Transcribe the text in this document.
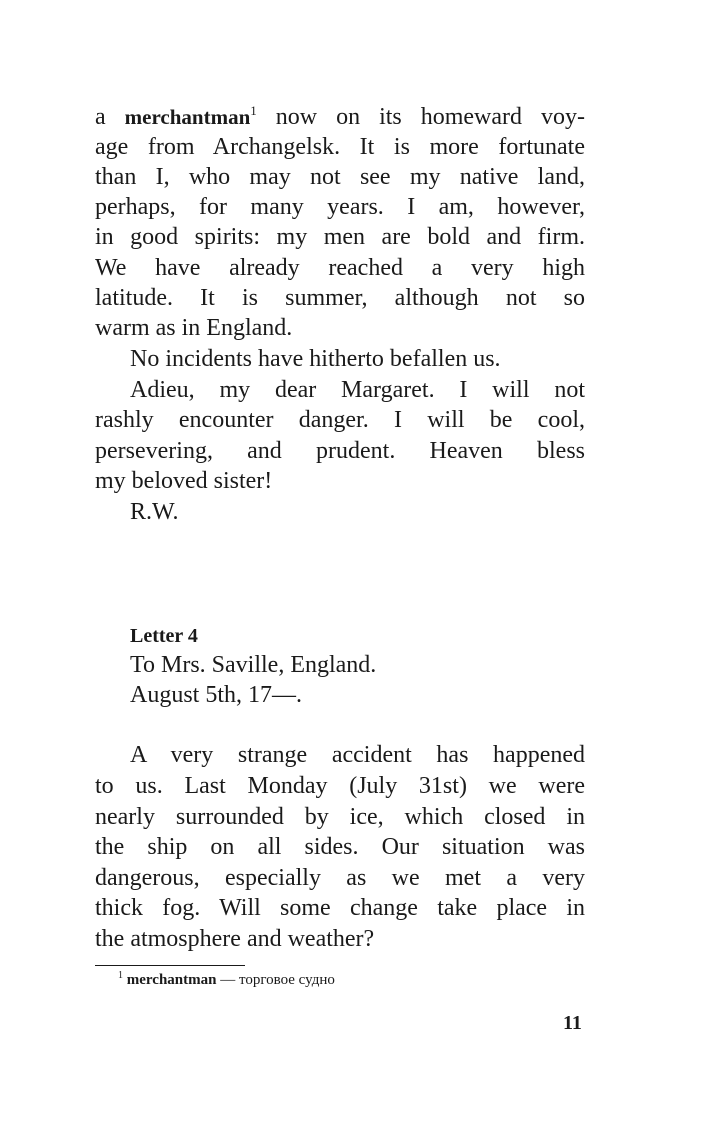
a merchantman$^1$ now on its homeward voy-
age from Archangelsk. It is more fortunate
than I, who may not see my native land,
perhaps, for many years. I am, however,
in good spirits: my men are bold and firm.
We have already reached a very high
latitude. It is summer, although not so
warm as in England.
No incidents have hitherto befallen us.
Adieu, my dear Margaret. I will not
rashly encounter danger. I will be cool,
persevering, and prudent. Heaven bless
my beloved sister!
R.W.
Letter 4
To Mrs. Saville, England.
August 5th, 17—.
A very strange accident has happened
to us. Last Monday (July 31st) we were
nearly surrounded by ice, which closed in
the ship on all sides. Our situation was
dangerous, especially as we met a very
thick fog. Will some change take place in
the atmosphere and weather?
$^1$ merchantman — торговое судно
11
